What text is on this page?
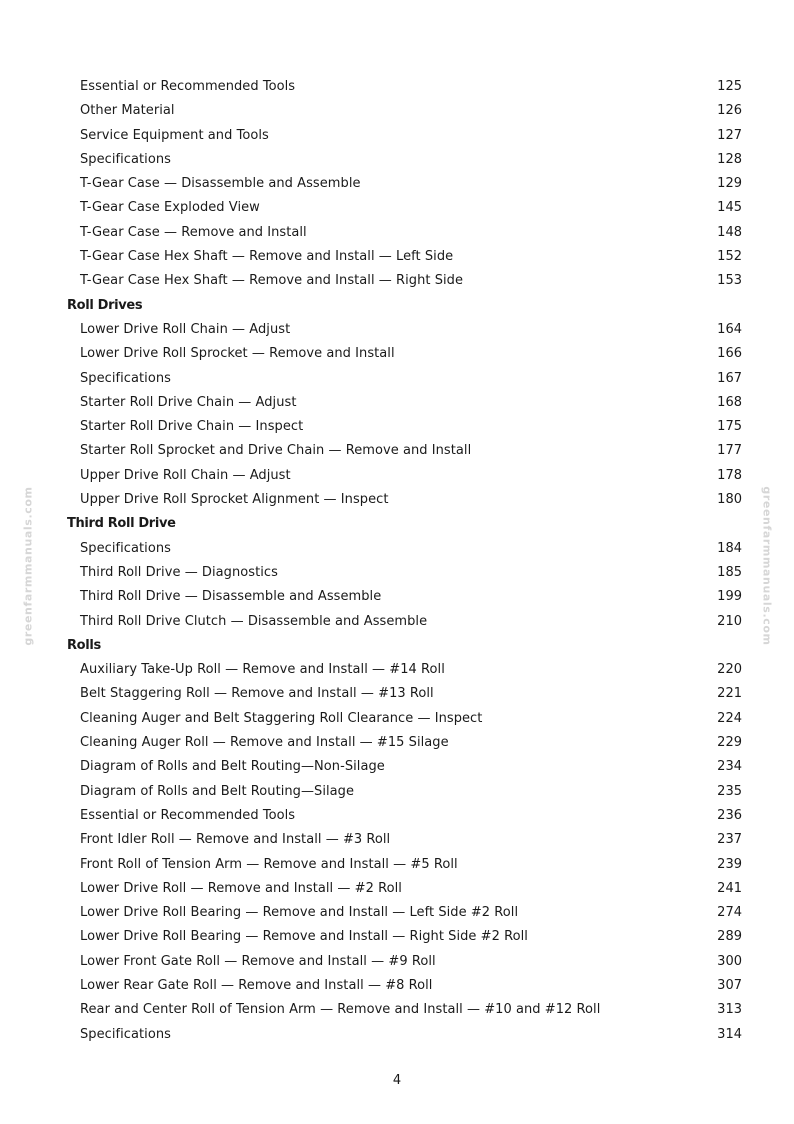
greenfarmmanuals.com	greenfarmmanuals.com
Essential or Recommended Tools	125
Other Material	126
Service Equipment and Tools	127
Specifications	128
T-Gear Case — Disassemble and Assemble	129
T-Gear Case Exploded View	145
T-Gear Case — Remove and Install	148
T-Gear Case Hex Shaft — Remove and Install — Left Side	152
T-Gear Case Hex Shaft — Remove and Install — Right Side	153
Roll Drives
Lower Drive Roll Chain — Adjust	164
Lower Drive Roll Sprocket — Remove and Install	166
Specifications	167
Starter Roll Drive Chain — Adjust	168
Starter Roll Drive Chain — Inspect	175
Starter Roll Sprocket and Drive Chain — Remove and Install	177
Upper Drive Roll Chain — Adjust	178
Upper Drive Roll Sprocket Alignment — Inspect	180
Third Roll Drive
Specifications	184
Third Roll Drive — Diagnostics	185
Third Roll Drive — Disassemble and Assemble	199
Third Roll Drive Clutch — Disassemble and Assemble	210
Rolls
Auxiliary Take-Up Roll — Remove and Install — #14 Roll	220
Belt Staggering Roll — Remove and Install — #13 Roll	221
Cleaning Auger and Belt Staggering Roll Clearance — Inspect	224
Cleaning Auger Roll — Remove and Install — #15 Silage	229
Diagram of Rolls and Belt Routing—Non-Silage	234
Diagram of Rolls and Belt Routing—Silage	235
Essential or Recommended Tools	236
Front Idler Roll — Remove and Install — #3 Roll	237
Front Roll of Tension Arm — Remove and Install — #5 Roll	239
Lower Drive Roll — Remove and Install — #2 Roll	241
Lower Drive Roll Bearing — Remove and Install — Left Side #2 Roll	274
Lower Drive Roll Bearing — Remove and Install — Right Side #2 Roll	289
Lower Front Gate Roll — Remove and Install — #9 Roll	300
Lower Rear Gate Roll — Remove and Install — #8 Roll	307
Rear and Center Roll of Tension Arm — Remove and Install — #10 and #12 Roll	313
Specifications	314
4
